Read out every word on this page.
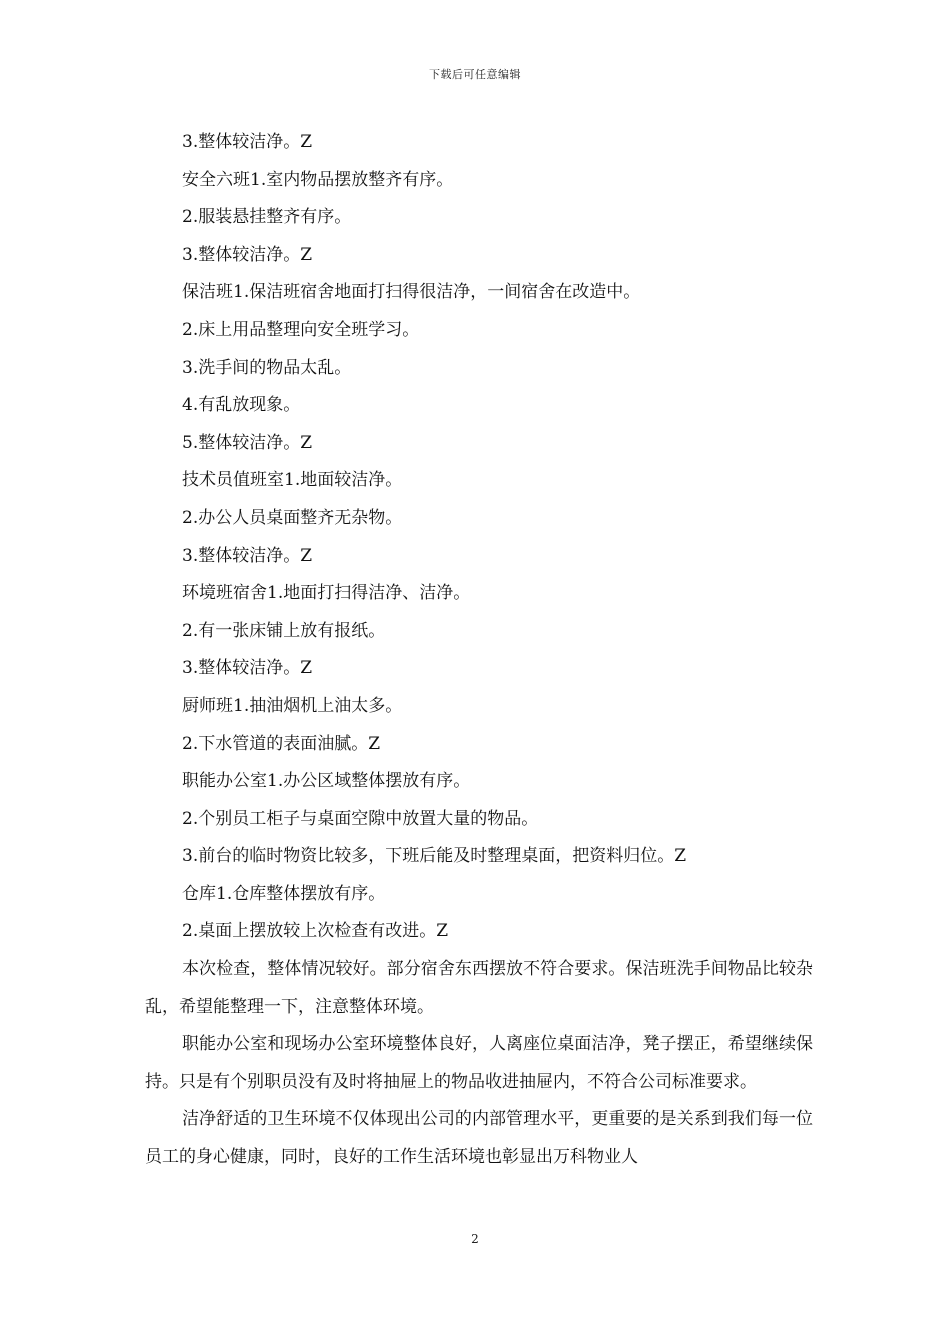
下载后可任意编辑
3.整体较洁净。Z
安全六班1.室内物品摆放整齐有序。
2.服装悬挂整齐有序。
3.整体较洁净。Z
保洁班1.保洁班宿舍地面打扫得很洁净，一间宿舍在改造中。
2.床上用品整理向安全班学习。
3.洗手间的物品太乱。
4.有乱放现象。
5.整体较洁净。Z
技术员值班室1.地面较洁净。
2.办公人员桌面整齐无杂物。
3.整体较洁净。Z
环境班宿舍1.地面打扫得洁净、洁净。
2.有一张床铺上放有报纸。
3.整体较洁净。Z
厨师班1.抽油烟机上油太多。
2.下水管道的表面油腻。Z
职能办公室1.办公区域整体摆放有序。
2.个别员工柜子与桌面空隙中放置大量的物品。
3.前台的临时物资比较多，下班后能及时整理桌面，把资料归位。Z
仓库1.仓库整体摆放有序。
2.桌面上摆放较上次检查有改进。Z

本次检查，整体情况较好。部分宿舍东西摆放不符合要求。保洁班洗手间物品比较杂乱，希望能整理一下，注意整体环境。

职能办公室和现场办公室环境整体良好，人离座位桌面洁净，凳子摆正，希望继续保持。只是有个别职员没有及时将抽屉上的物品收进抽屉内，不符合公司标准要求。

洁净舒适的卫生环境不仅体现出公司的内部管理水平，更重要的是关系到我们每一位员工的身心健康，同时，良好的工作生活环境也彰显出万科物业人

2
